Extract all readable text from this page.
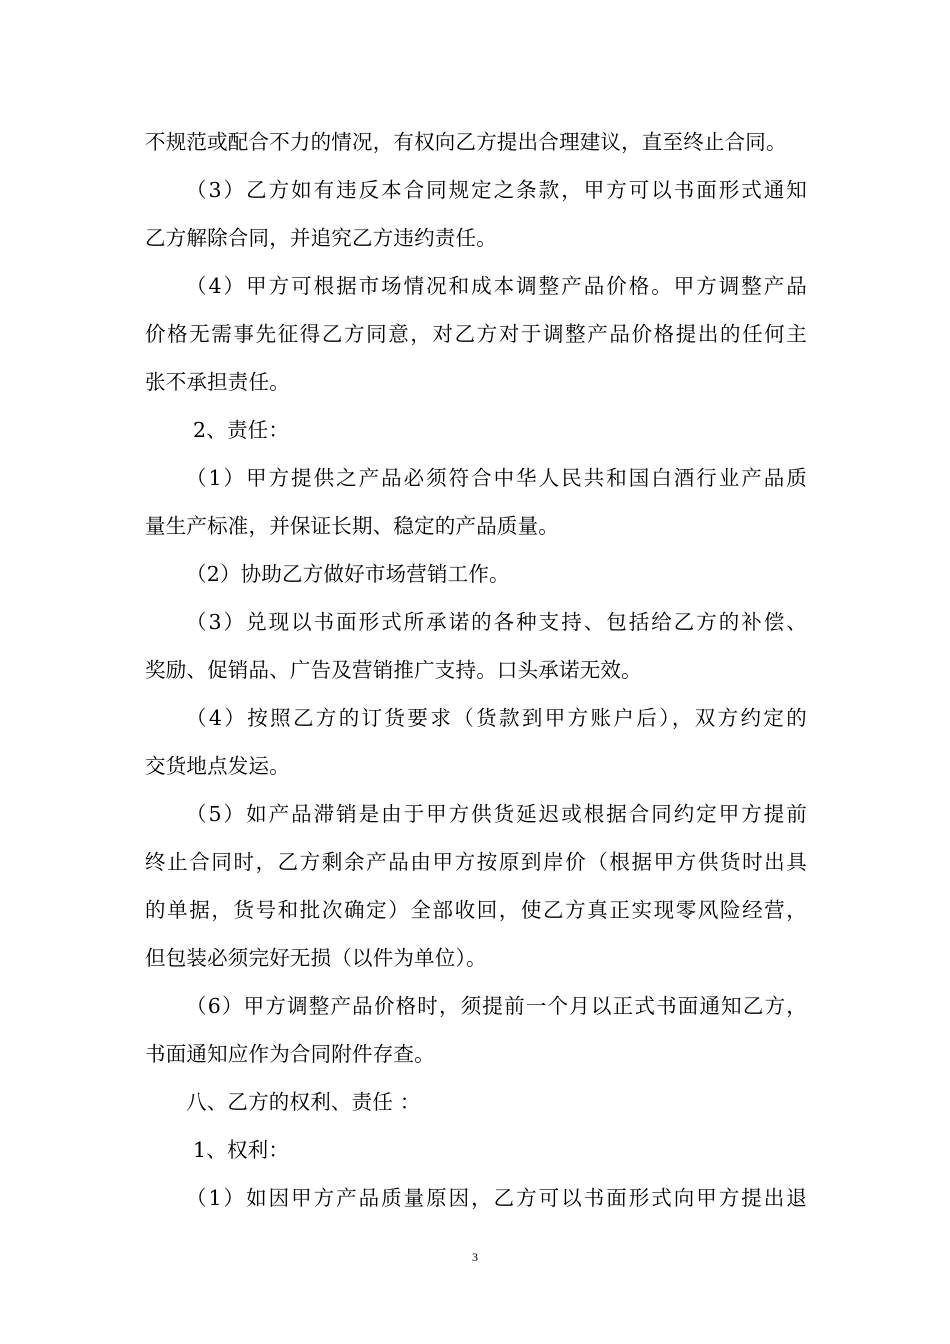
不规范或配合不力的情况，有权向乙方提出合理建议，直至终止合同。
（3）乙方如有违反本合同规定之条款，甲方可以书面形式通知
乙方解除合同，并追究乙方违约责任。
（4）甲方可根据市场情况和成本调整产品价格。甲方调整产品
价格无需事先征得乙方同意，对乙方对于调整产品价格提出的任何主
张不承担责任。
2、责任：
（1）甲方提供之产品必须符合中华人民共和国白酒行业产品质
量生产标准，并保证长期、稳定的产品质量。
（2）协助乙方做好市场营销工作。
（3）兑现以书面形式所承诺的各种支持、包括给乙方的补偿、
奖励、促销品、广告及营销推广支持。口头承诺无效。
（4）按照乙方的订货要求（货款到甲方账户后），双方约定的
交货地点发运。
（5）如产品滞销是由于甲方供货延迟或根据合同约定甲方提前
终止合同时，乙方剩余产品由甲方按原到岸价（根据甲方供货时出具
的单据，货号和批次确定）全部收回，使乙方真正实现零风险经营，
但包装必须完好无损（以件为单位）。
（6）甲方调整产品价格时，须提前一个月以正式书面通知乙方，
书面通知应作为合同附件存查。
八、乙方的权利、责任 ：
1、权利：
（1）如因甲方产品质量原因，乙方可以书面形式向甲方提出退
3
